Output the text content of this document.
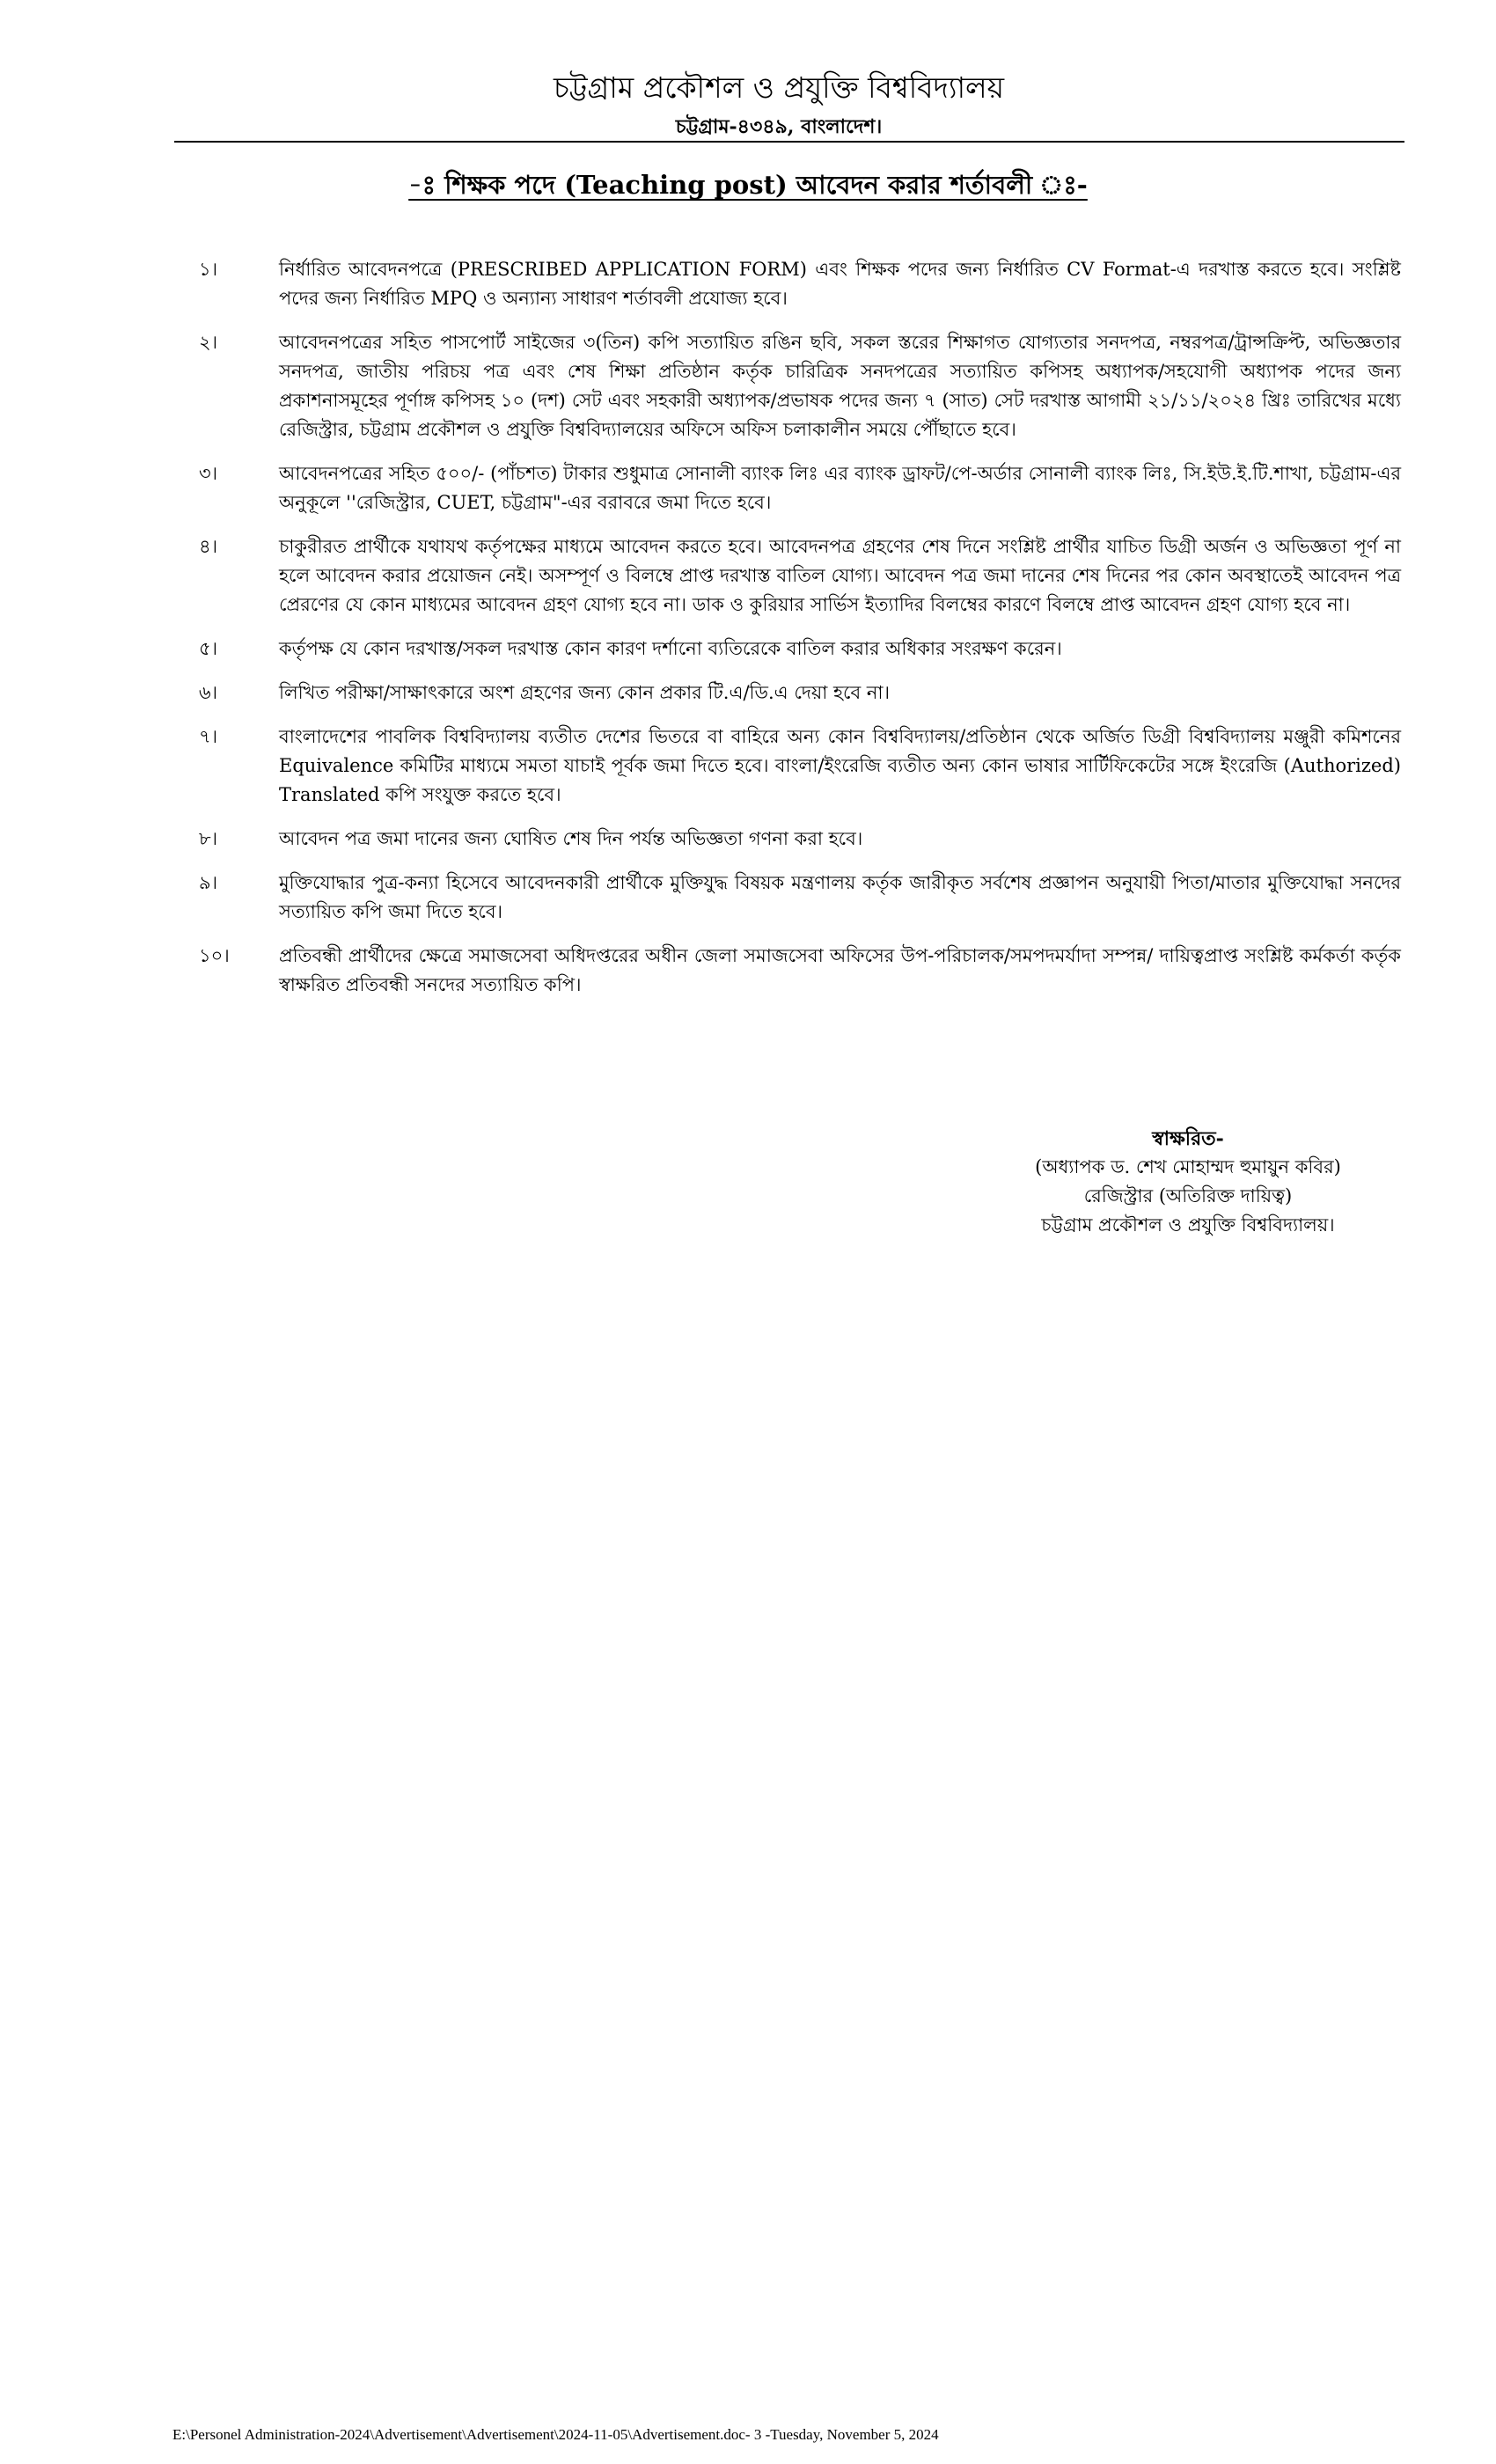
চট্টগ্রাম প্রকৌশল ও প্রযুক্তি বিশ্ববিদ্যালয়
চট্টগ্রাম-৪৩৪৯, বাংলাদেশ।
-ঃ শিক্ষক পদে (Teaching post) আবেদন করার শর্তাবলী ঃ-
১।	নির্ধারিত আবেদনপত্রে (PRESCRIBED APPLICATION FORM) এবং শিক্ষক পদের জন্য নির্ধারিত CV Format-এ দরখাস্ত করতে হবে। সংশ্লিষ্ট পদের জন্য নির্ধারিত MPQ ও অন্যান্য সাধারণ শর্তাবলী প্রযোজ্য হবে।
২।	আবেদনপত্রের সহিত পাসপোর্ট সাইজের ৩(তিন) কপি সত্যায়িত রঙিন ছবি, সকল স্তরের শিক্ষাগত যোগ্যতার সনদপত্র, নম্বরপত্র/ট্রান্সক্রিপ্ট, অভিজ্ঞতার সনদপত্র, জাতীয় পরিচয় পত্র এবং শেষ শিক্ষা প্রতিষ্ঠান কর্তৃক চারিত্রিক সনদপত্রের সত্যায়িত কপিসহ অধ্যাপক/সহযোগী অধ্যাপক পদের জন্য প্রকাশনাসমূহের পূর্ণাঙ্গ কপিসহ ১০ (দশ) সেট এবং সহকারী অধ্যাপক/প্রভাষক পদের জন্য ৭ (সাত) সেট দরখাস্ত আগামী ২১/১১/২০২৪ খ্রিঃ তারিখের মধ্যে রেজিস্ট্রার, চট্টগ্রাম প্রকৌশল ও প্রযুক্তি বিশ্ববিদ্যালয়ের অফিসে অফিস চলাকালীন সময়ে পৌঁছাতে হবে।
৩।	আবেদনপত্রের সহিত ৫০০/- (পাঁচশত) টাকার শুধুমাত্র সোনালী ব্যাংক লিঃ এর ব্যাংক ড্রাফট/পে-অর্ডার সোনালী ব্যাংক লিঃ, সি.ইউ.ই.টি.শাখা, চট্টগ্রাম-এর অনুকূলে ''রেজিস্ট্রার, CUET, চট্টগ্রাম"-এর বরাবরে জমা দিতে হবে।
৪।	চাকুরীরত প্রার্থীকে যথাযথ কর্তৃপক্ষের মাধ্যমে আবেদন করতে হবে। আবেদনপত্র গ্রহণের শেষ দিনে সংশ্লিষ্ট প্রার্থীর যাচিত ডিগ্রী অর্জন ও অভিজ্ঞতা পূর্ণ না হলে আবেদন করার প্রয়োজন নেই। অসম্পূর্ণ ও বিলম্বে প্রাপ্ত দরখাস্ত বাতিল যোগ্য। আবেদন পত্র জমা দানের শেষ দিনের পর কোন অবস্থাতেই আবেদন পত্র প্রেরণের যে কোন মাধ্যমের আবেদন গ্রহণ যোগ্য হবে না। ডাক ও কুরিয়ার সার্ভিস ইত্যাদির বিলম্বের কারণে বিলম্বে প্রাপ্ত আবেদন গ্রহণ যোগ্য হবে না।
৫।	কর্তৃপক্ষ যে কোন দরখাস্ত/সকল দরখাস্ত কোন কারণ দর্শানো ব্যতিরেকে বাতিল করার অধিকার সংরক্ষণ করেন।
৬।	লিখিত পরীক্ষা/সাক্ষাৎকারে অংশ গ্রহণের জন্য কোন প্রকার টি.এ/ডি.এ দেয়া হবে না।
৭।	বাংলাদেশের পাবলিক বিশ্ববিদ্যালয় ব্যতীত দেশের ভিতরে বা বাহিরে অন্য কোন বিশ্ববিদ্যালয়/প্রতিষ্ঠান থেকে অর্জিত ডিগ্রী বিশ্ববিদ্যালয় মঞ্জুরী কমিশনের Equivalence কমিটির মাধ্যমে সমতা যাচাই পূর্বক জমা দিতে হবে। বাংলা/ইংরেজি ব্যতীত অন্য কোন ভাষার সার্টিফিকেটের সঙ্গে ইংরেজি (Authorized) Translated কপি সংযুক্ত করতে হবে।
৮।	আবেদন পত্র জমা দানের জন্য ঘোষিত শেষ দিন পর্যন্ত অভিজ্ঞতা গণনা করা হবে।
৯।	মুক্তিযোদ্ধার পুত্র-কন্যা হিসেবে আবেদনকারী প্রার্থীকে মুক্তিযুদ্ধ বিষয়ক মন্ত্রণালয় কর্তৃক জারীকৃত সর্বশেষ প্রজ্ঞাপন অনুযায়ী পিতা/মাতার মুক্তিযোদ্ধা সনদের সত্যায়িত কপি জমা দিতে হবে।
১০।	প্রতিবন্ধী প্রার্থীদের ক্ষেত্রে সমাজসেবা অধিদপ্তরের অধীন জেলা সমাজসেবা অফিসের উপ-পরিচালক/সমপদমর্যাদা সম্পন্ন/ দায়িত্বপ্রাপ্ত সংশ্লিষ্ট কর্মকর্তা কর্তৃক স্বাক্ষরিত প্রতিবন্ধী সনদের সত্যায়িত কপি।
স্বাক্ষরিত-
(অধ্যাপক ড. শেখ মোহাম্মদ হুমায়ুন কবির)
রেজিস্ট্রার (অতিরিক্ত দায়িত্ব)
চট্টগ্রাম প্রকৌশল ও প্রযুক্তি বিশ্ববিদ্যালয়।
E:\Personel Administration-2024\Advertisement\Advertisement\2024-11-05\Advertisement.doc- 3 -Tuesday, November 5, 2024
